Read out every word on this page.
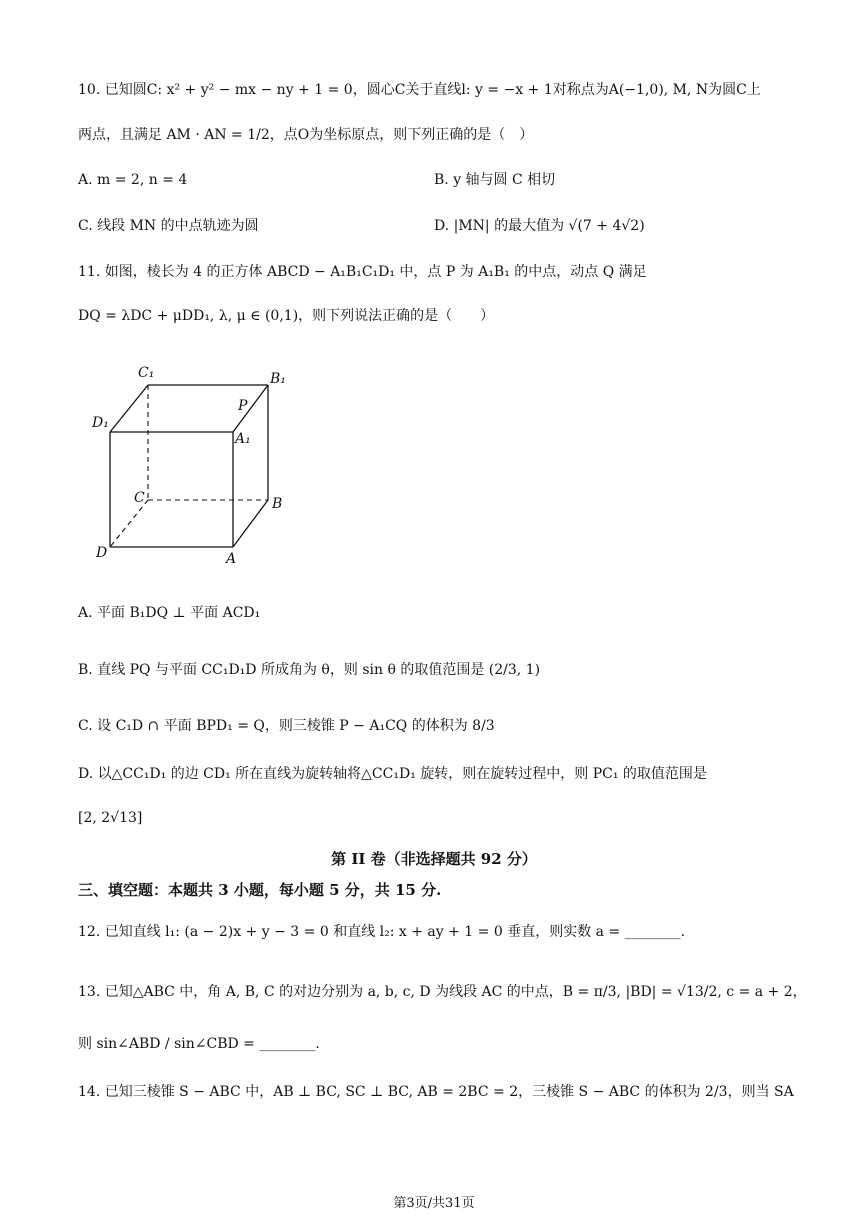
10. 已知圆C: x² + y² − mx − ny + 1 = 0，圆心C关于直线l: y = −x + 1对称点为A(−1,0), M, N为圆C上
两点，且满足 AM · AN = 1/2，点O为坐标原点，则下列正确的是（　）
A. m = 2, n = 4	B. y 轴与圆 C 相切
C. 线段 MN 的中点轨迹为圆	D. |MN| 的最大值为 √(7 + 4√2)
11. 如图，棱长为 4 的正方体 ABCD − A₁B₁C₁D₁ 中，点 P 为 A₁B₁ 的中点，动点 Q 满足
DQ = λDC + μDD₁, λ, μ ∈ (0,1)，则下列说法正确的是（　　）
C₁	B₁
D₁
P
A₁
C	B
D	A
A. 平面 B₁DQ ⊥ 平面 ACD₁
B. 直线 PQ 与平面 CC₁D₁D 所成角为 θ，则 sin θ 的取值范围是 (2/3, 1)
C. 设 C₁D ∩ 平面 BPD₁ = Q，则三棱锥 P − A₁CQ 的体积为 8/3
D. 以△CC₁D₁ 的边 CD₁ 所在直线为旋转轴将△CC₁D₁ 旋转，则在旋转过程中，则 PC₁ 的取值范围是
[2, 2√13]
第 II 卷（非选择题共 92 分）
三、填空题：本题共 3 小题，每小题 5 分，共 15 分.
12. 已知直线 l₁: (a − 2)x + y − 3 = 0 和直线 l₂: x + ay + 1 = 0 垂直，则实数 a = ________.
13. 已知△ABC 中，角 A, B, C 的对边分别为 a, b, c, D 为线段 AC 的中点，B = π/3, |BD| = √13/2, c = a + 2，
则 sin∠ABD / sin∠CBD = ________.
14. 已知三棱锥 S − ABC 中，AB ⊥ BC, SC ⊥ BC, AB = 2BC = 2，三棱锥 S − ABC 的体积为 2/3，则当 SA
第3页/共31页
